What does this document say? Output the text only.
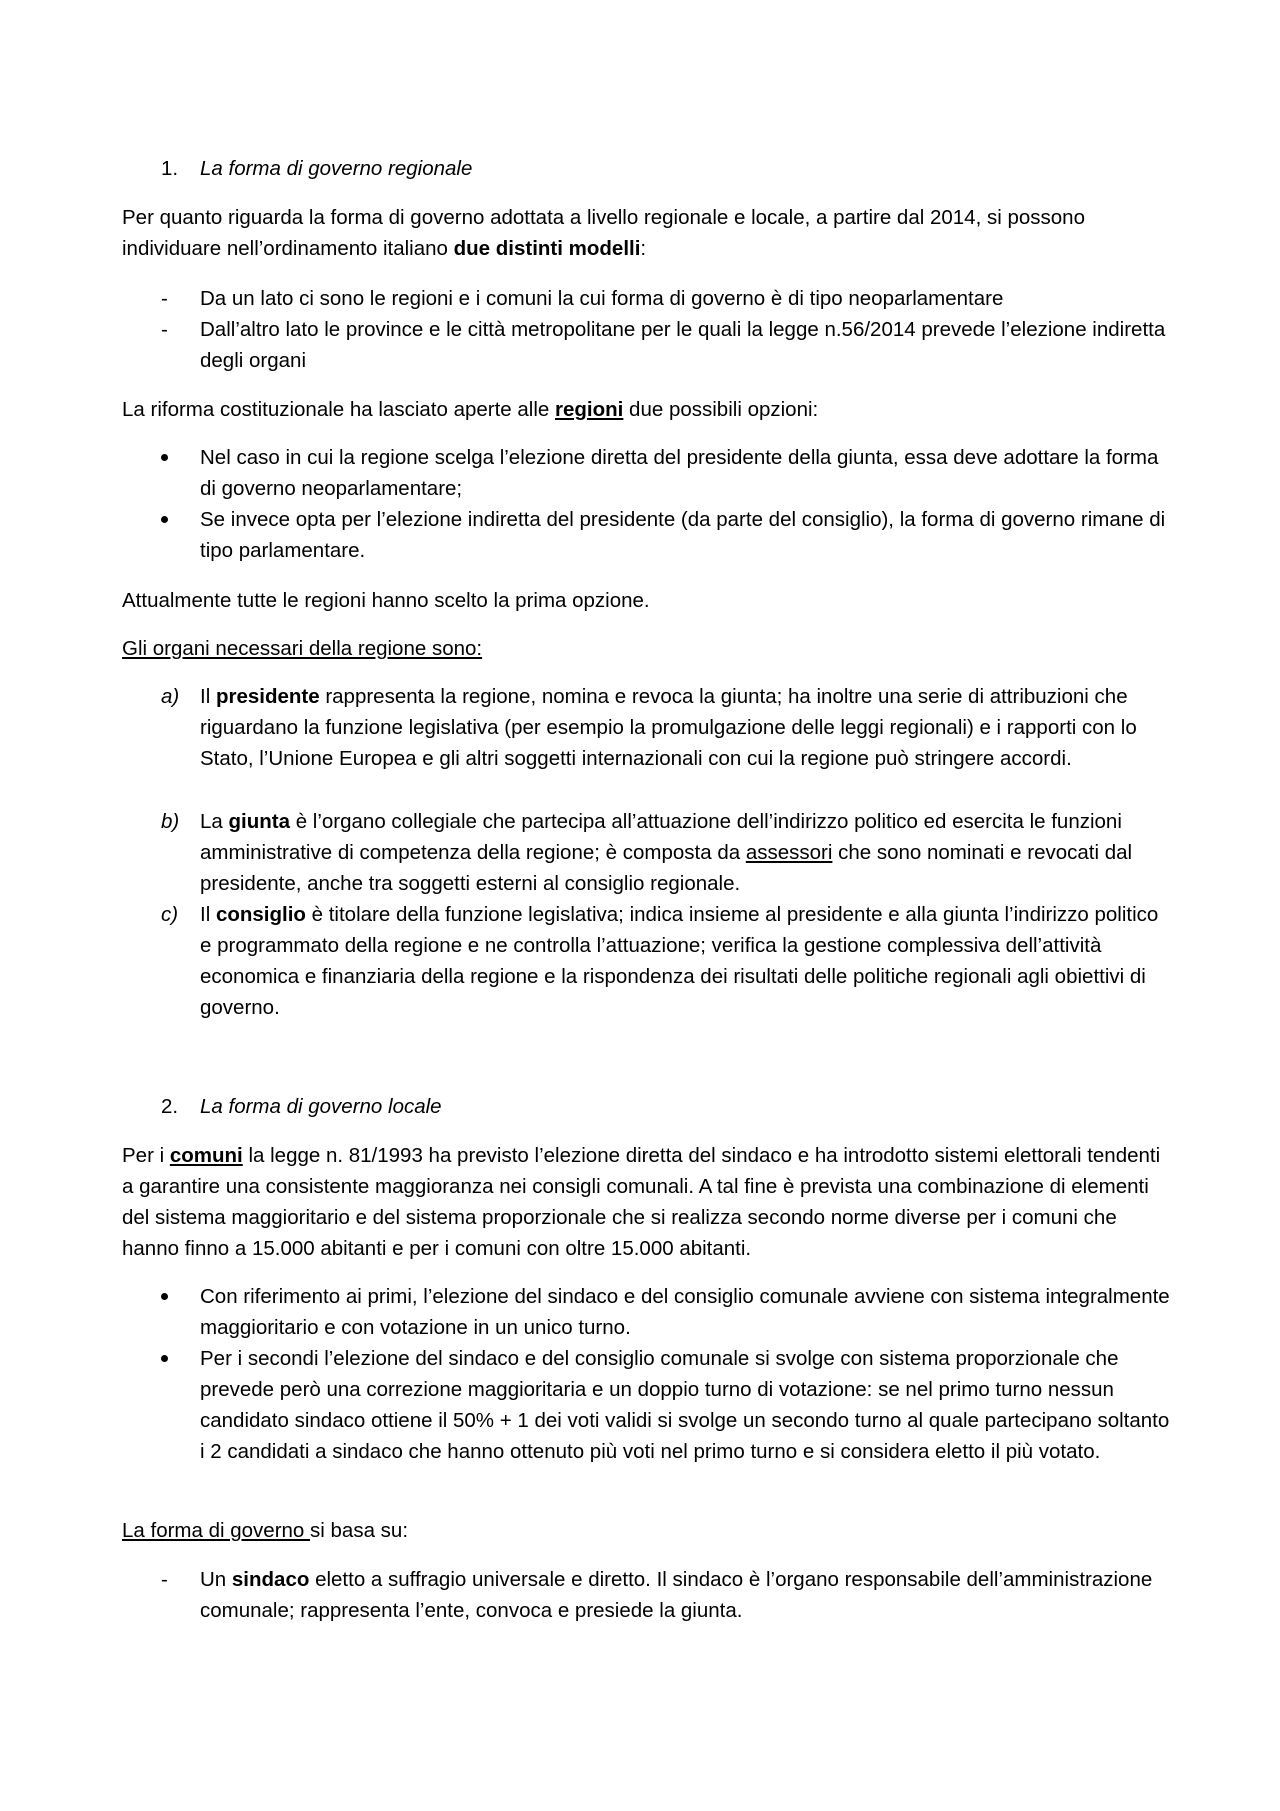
1.	La forma di governo regionale

Per quanto riguarda la forma di governo adottata a livello regionale e locale, a partire dal 2014, si possono individuare nell’ordinamento italiano due distinti modelli:

-	Da un lato ci sono le regioni e i comuni la cui forma di governo è di tipo neoparlamentare

-	Dall’altro lato le province e le città metropolitane per le quali la legge n.56/2014 prevede l’elezione indiretta degli organi

La riforma costituzionale ha lasciato aperte alle regioni due possibili opzioni:

Nel caso in cui la regione scelga l’elezione diretta del presidente della giunta, essa deve adottare la forma di governo neoparlamentare;

Se invece opta per l’elezione indiretta del presidente (da parte del consiglio), la forma di governo rimane di tipo parlamentare.

Attualmente tutte le regioni hanno scelto la prima opzione.

Gli organi necessari della regione sono:

a)	Il presidente rappresenta la regione, nomina e revoca la giunta; ha inoltre una serie di attribuzioni che riguardano la funzione legislativa (per esempio la promulgazione delle leggi regionali) e i rapporti con lo Stato, l’Unione Europea e gli altri soggetti internazionali con cui la regione può stringere accordi.

b)	La giunta è l’organo collegiale che partecipa all’attuazione dell’indirizzo politico ed esercita le funzioni amministrative di competenza della regione; è composta da assessori che sono nominati e revocati dal presidente, anche tra soggetti esterni al consiglio regionale.

c)	Il consiglio è titolare della funzione legislativa; indica insieme al presidente e alla giunta l’indirizzo politico e programmato della regione e ne controlla l’attuazione; verifica la gestione complessiva dell’attività economica e finanziaria della regione e la rispondenza dei risultati delle politiche regionali agli obiettivi di governo.

2.	La forma di governo locale

Per i comuni la legge n. 81/1993 ha previsto l’elezione diretta del sindaco e ha introdotto sistemi elettorali tendenti a garantire una consistente maggioranza nei consigli comunali. A tal fine è prevista una combinazione di elementi del sistema maggioritario e del sistema proporzionale che si realizza secondo norme diverse per i comuni che hanno finno a 15.000 abitanti e per i comuni con oltre 15.000 abitanti.

Con riferimento ai primi, l’elezione del sindaco e del consiglio comunale avviene con sistema integralmente maggioritario e con votazione in un unico turno.

Per i secondi l’elezione del sindaco e del consiglio comunale si svolge con sistema proporzionale che prevede però una correzione maggioritaria e un doppio turno di votazione: se nel primo turno nessun candidato sindaco ottiene il 50% + 1 dei voti validi si svolge un secondo turno al quale partecipano soltanto i 2 candidati a sindaco che hanno ottenuto più voti nel primo turno e si considera eletto il più votato.

La forma di governo si basa su:

-	Un sindaco eletto a suffragio universale e diretto. Il sindaco è l’organo responsabile dell’amministrazione comunale; rappresenta l’ente, convoca e presiede la giunta.
